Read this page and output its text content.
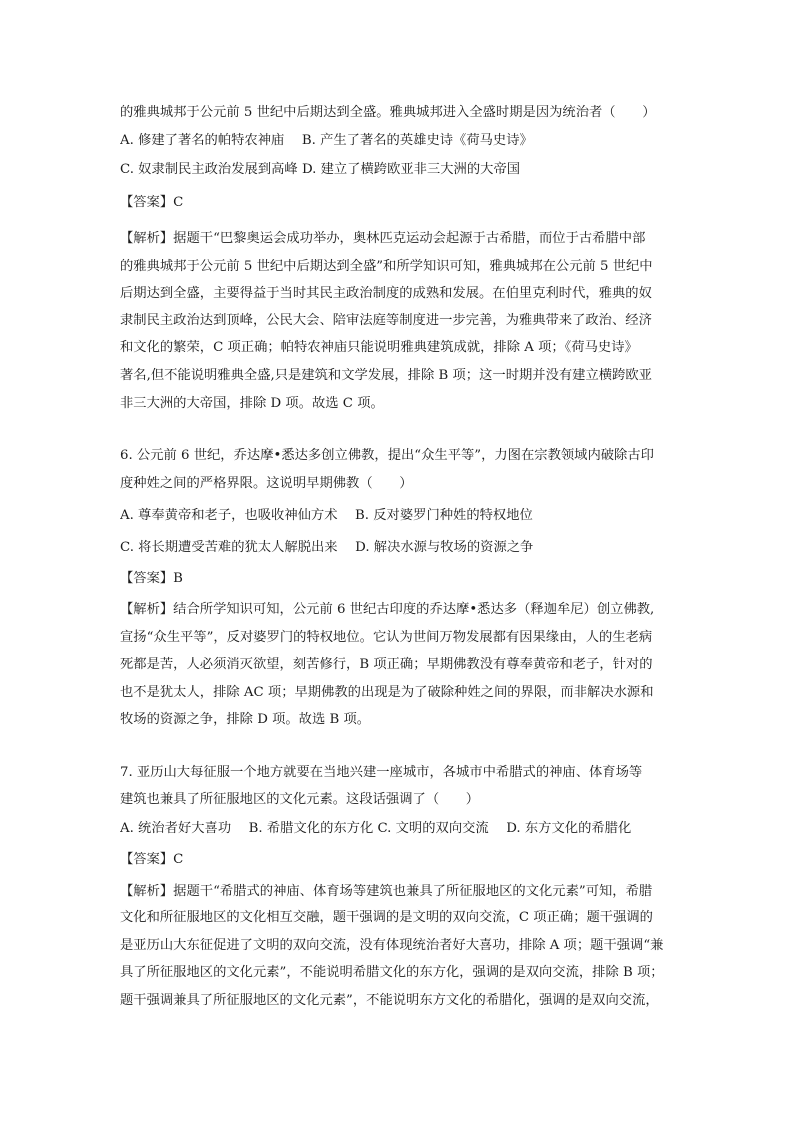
的雅典城邦于公元前 5 世纪中后期达到全盛。雅典城邦进入全盛时期是因为统治者（　　）
A. 修建了著名的帕特农神庙　 B. 产生了著名的英雄史诗《荷马史诗》
C. 奴隶制民主政治发展到高峰 D. 建立了横跨欧亚非三大洲的大帝国
【答案】C
【解析】据题干“巴黎奥运会成功举办，奥林匹克运动会起源于古希腊，而位于古希腊中部
的雅典城邦于公元前 5 世纪中后期达到全盛”和所学知识可知，雅典城邦在公元前 5 世纪中
后期达到全盛，主要得益于当时其民主政治制度的成熟和发展。在伯里克利时代，雅典的奴
隶制民主政治达到顶峰，公民大会、陪审法庭等制度进一步完善，为雅典带来了政治、经济
和文化的繁荣，C 项正确；帕特农神庙只能说明雅典建筑成就，排除 A 项；《荷马史诗》
著名,但不能说明雅典全盛,只是建筑和文学发展，排除 B 项；这一时期并没有建立横跨欧亚
非三大洲的大帝国，排除 D 项。故选 C 项。
6. 公元前 6 世纪，乔达摩•悉达多创立佛教，提出“众生平等”，力图在宗教领域内破除古印
度种姓之间的严格界限。这说明早期佛教（　　）
A. 尊奉黄帝和老子，也吸收神仙方术　 B. 反对婆罗门种姓的特权地位
C. 将长期遭受苦难的犹太人解脱出来　 D. 解决水源与牧场的资源之争
【答案】B
【解析】结合所学知识可知，公元前 6 世纪古印度的乔达摩•悉达多（释迦牟尼）创立佛教,
宣扬“众生平等”，反对婆罗门的特权地位。它认为世间万物发展都有因果缘由，人的生老病
死都是苦，人必须消灭欲望，刻苦修行，B 项正确；早期佛教没有尊奉黄帝和老子，针对的
也不是犹太人，排除 AC 项；早期佛教的出现是为了破除种姓之间的界限，而非解决水源和
牧场的资源之争，排除 D 项。故选 B 项。
7. 亚历山大每征服一个地方就要在当地兴建一座城市，各城市中希腊式的神庙、体育场等
建筑也兼具了所征服地区的文化元素。这段话强调了（　　）
A. 统治者好大喜功　 B. 希腊文化的东方化 C. 文明的双向交流　 D. 东方文化的希腊化
【答案】C
【解析】据题干“希腊式的神庙、体育场等建筑也兼具了所征服地区的文化元素”可知，希腊
文化和所征服地区的文化相互交融，题干强调的是文明的双向交流，C 项正确；题干强调的
是亚历山大东征促进了文明的双向交流，没有体现统治者好大喜功，排除 A 项；题干强调“兼
具了所征服地区的文化元素”，不能说明希腊文化的东方化，强调的是双向交流，排除 B 项；
题干强调兼具了所征服地区的文化元素”，不能说明东方文化的希腊化，强调的是双向交流，
